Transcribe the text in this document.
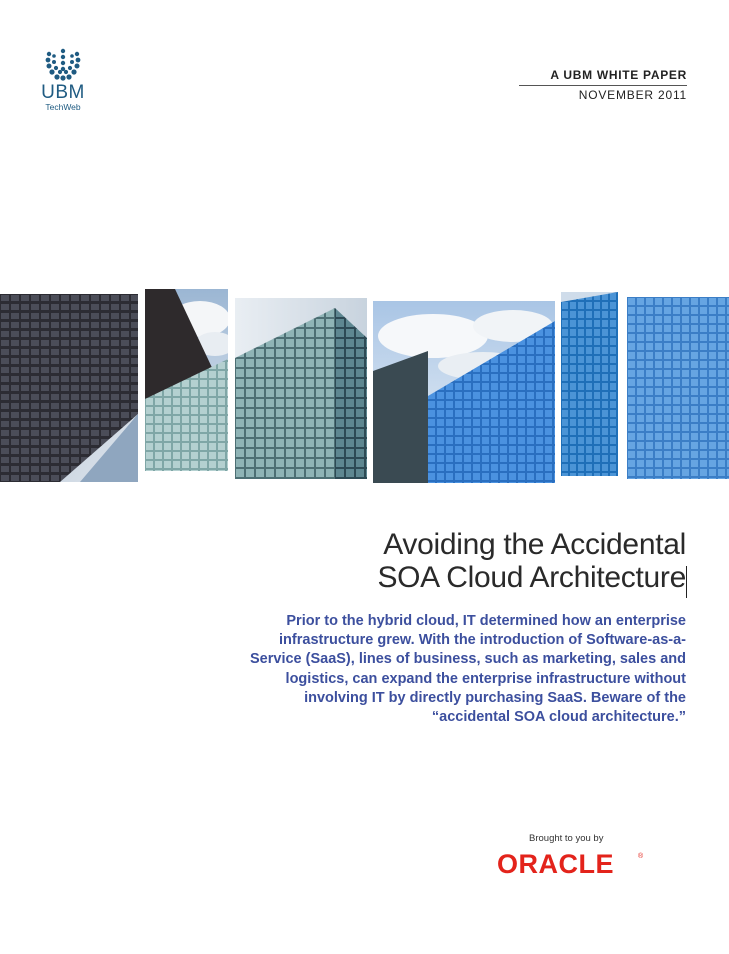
UBM
TechWeb
A UBM WHITE PAPER
NOVEMBER 2011
Avoiding the Accidental
SOA Cloud Architecture
Prior to the hybrid cloud, IT determined how an enterprise infrastructure grew. With the introduction of Software-as-a-Service (SaaS), lines of business, such as marketing, sales and logistics, can expand the enterprise infrastructure without involving IT by directly purchasing SaaS. Beware of the “accidental SOA cloud architecture.”
Brought to you by
ORACLE	®
